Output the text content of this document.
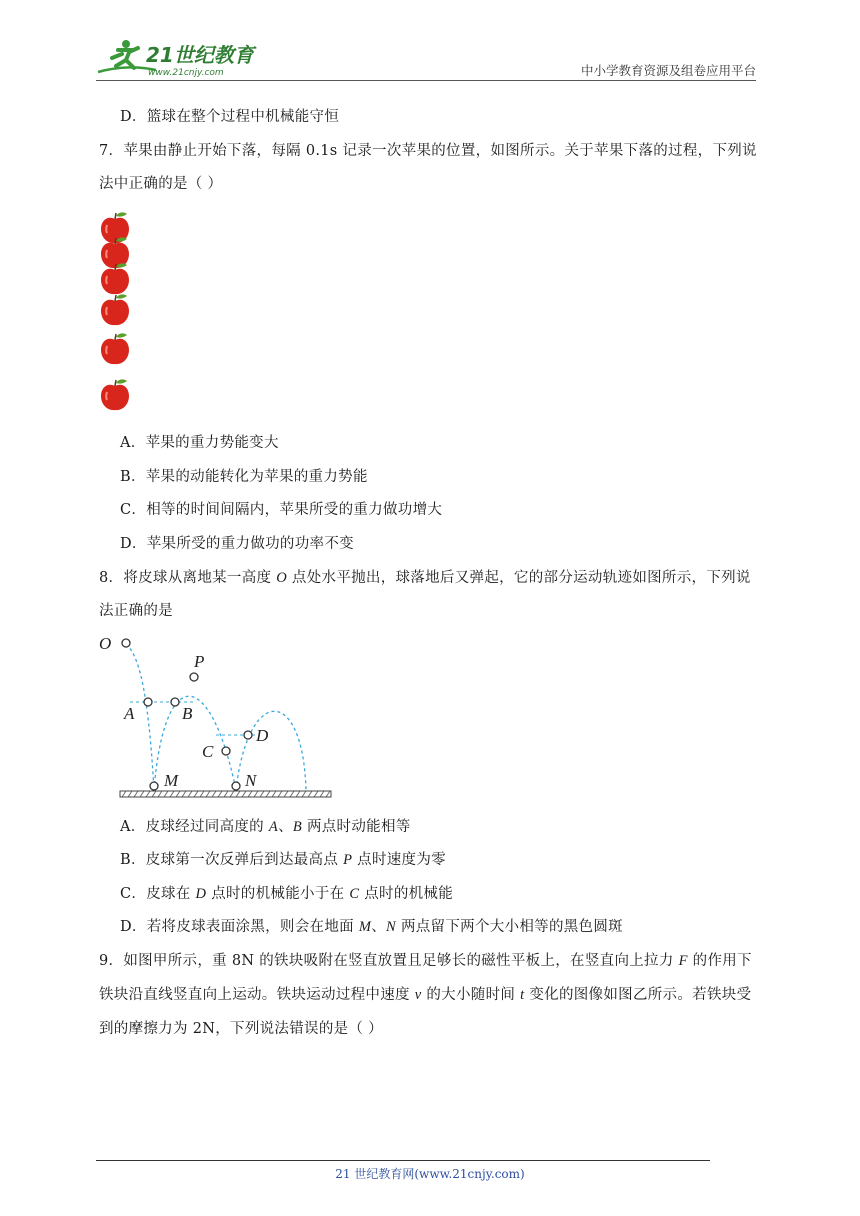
21世纪教育
www.21cnjy.com	中小学教育资源及组卷应用平台
D．篮球在整个过程中机械能守恒
7．苹果由静止开始下落，每隔 0.1s 记录一次苹果的位置，如图所示。关于苹果下落的过程，下列说
法中正确的是（ ）
A．苹果的重力势能变大
B．苹果的动能转化为苹果的重力势能
C．相等的时间间隔内，苹果所受的重力做功增大
D．苹果所受的重力做功的功率不变
8．将皮球从离地某一高度 O 点处水平抛出，球落地后又弹起，它的部分运动轨迹如图所示，下列说
法正确的是
O
P
A	B
C
D
M	N
A．皮球经过同高度的 A、B 两点时动能相等
B．皮球第一次反弹后到达最高点 P 点时速度为零
C．皮球在 D 点时的机械能小于在 C 点时的机械能
D．若将皮球表面涂黑，则会在地面 M、N 两点留下两个大小相等的黑色圆斑
9．如图甲所示，重 8N 的铁块吸附在竖直放置且足够长的磁性平板上，在竖直向上拉力 F 的作用下
铁块沿直线竖直向上运动。铁块运动过程中速度 v 的大小随时间 t 变化的图像如图乙所示。若铁块受
到的摩擦力为 2N，下列说法错误的是（ ）
21 世纪教育网(www.21cnjy.com)
